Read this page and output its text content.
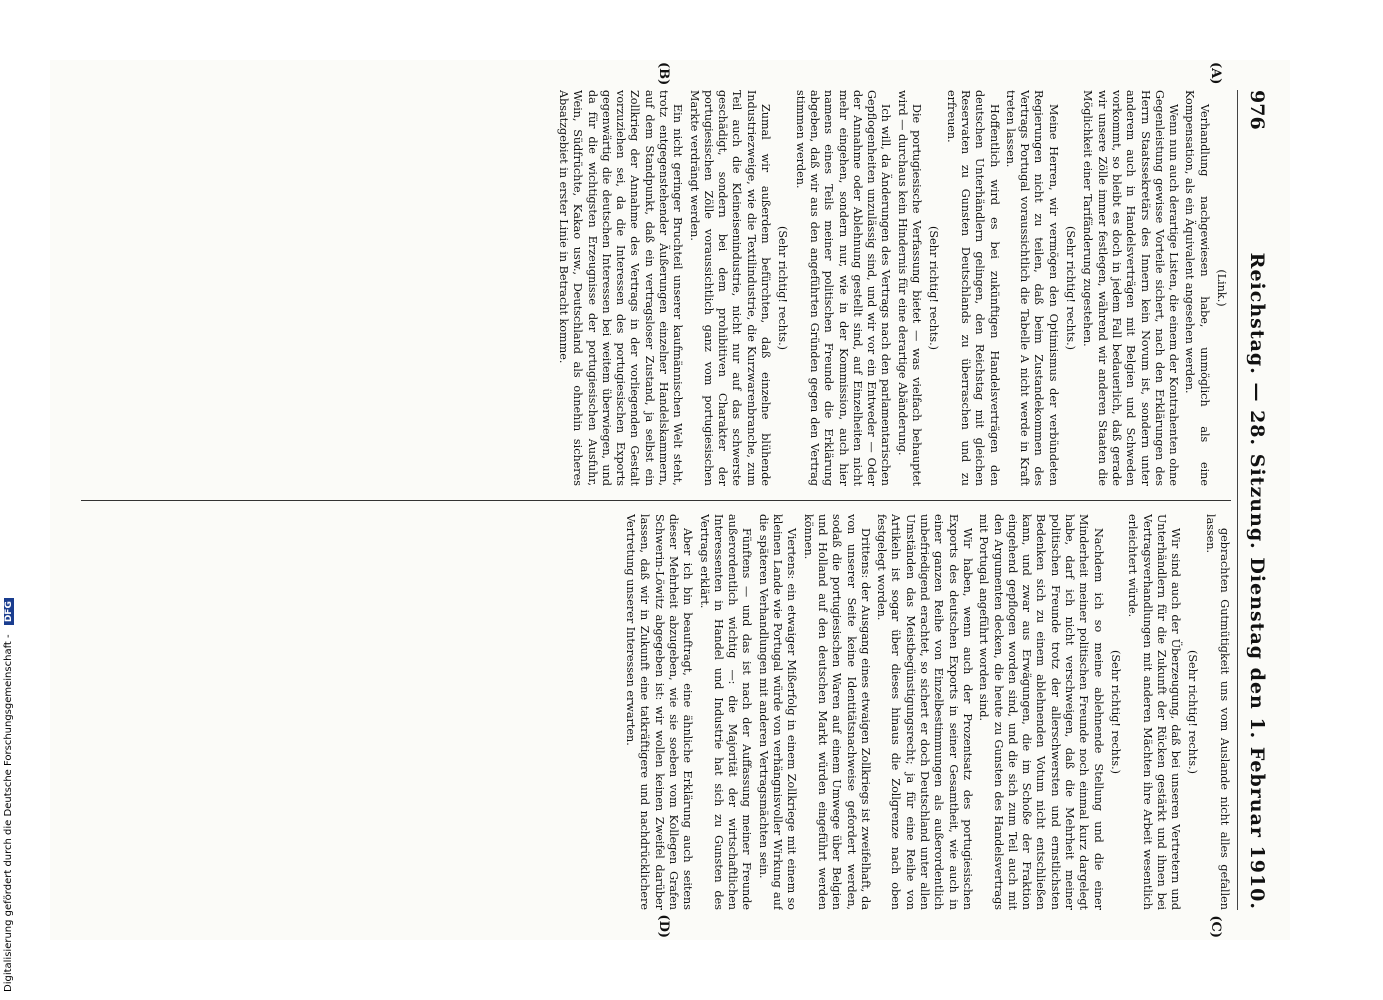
Digitalisierung gefördert durch die Deutsche Forschungsgemeinschaft - DFG
976
Reichstag. — 28. Sitzung. Dienstag den 1. Februar 1910.
(A)
(B)
(C)
(D)

(Link.)

Verhandlung nachgewiesen habe, unmöglich als eine Kompensation, als ein Äquivalent angesehen werden.

Wenn nun auch derartige Listen, die einem der Kontrahenten ohne Gegenleistung gewisse Vorteile sichert, nach den Erklärungen des Herrn Staatssekretärs des Innern kein Novum ist, sondern unter anderem auch in Handelsverträgen mit Belgien und Schweden vorkommt, so bleibt es doch in jedem Fall bedauerlich, daß gerade wir unsere Zölle immer festlegen, während wir anderen Staaten die Möglichkeit einer Tarifänderung zugestehen.

(Sehr richtig! rechts.)

Meine Herren, wir vermögen den Optimismus der verbündeten Regierungen nicht zu teilen, daß beim Zustandekommen des Vertrags Portugal voraussichtlich die Tabelle A nicht werde in Kraft treten lassen.

Hoffentlich wird es bei zukünftigen Handelsverträgen den deutschen Unterhändlern gelingen, den Reichstag mit gleichen Reservaten zu Gunsten Deutschlands zu überraschen und zu erfreuen.

(Sehr richtig! rechts.)

Die portugiesische Verfassung bietet — was vielfach behauptet wird — durchaus kein Hindernis für eine derartige Abänderung.

Ich will, da Änderungen des Vertrags nach den parlamentarischen Gepflogenheiten unzulässig sind, und wir vor ein Entweder — Oder der Annahme oder Ablehnung gestellt sind, auf Einzelheiten nicht mehr eingehen, sondern nur, wie in der Kommission, auch hier namens eines Teils meiner politischen Freunde die Erklärung abgeben, daß wir aus den angeführten Gründen gegen den Vertrag stimmen werden.

(Sehr richtig! rechts.)

Zumal wir außerdem befürchten, daß einzelne blühende Industriezweige, wie die Textilindustrie, die Kurzwarenbranche, zum Teil auch die Kleineisenindustrie, nicht nur auf das schwerste geschädigt, sondern bei dem prohibitiven Charakter der portugiesischen Zölle voraussichtlich ganz vom portugiesischen Markte verdrängt werden.

Ein nicht geringer Bruchteil unserer kaufmännischen Welt steht, trotz entgegenstehender Äußerungen einzelner Handelskammern, auf dem Standpunkt, daß ein vertragsloser Zustand, ja selbst ein Zollkrieg der Annahme des Vertrags in der vorliegenden Gestalt vorzuziehen sei, da die Interessen des portugiesischen Exports gegenwärtig die deutschen Interessen bei weitem überwiegen, und da für die wichtigsten Erzeugnisse der portugiesischen Ausfuhr, Wein, Südfrüchte, Kakao usw., Deutschland als ohnehin sicheres Absatzgebiet in erster Linie in Betracht komme.

gebrachten Gutmütigkeit uns vom Auslande nicht alles gefallen lassen.

(Sehr richtig! rechts.)

Wir sind auch der Überzeugung, daß bei unseren Vertretern und Unterhändlern für die Zukunft der Rücken gestärkt und ihnen bei Vertragsverhandlungen mit anderen Mächten ihre Arbeit wesentlich erleichtert würde.

(Sehr richtig! rechts.)

Nachdem ich so meine ablehnende Stellung und die einer Minderheit meiner politischen Freunde noch einmal kurz dargelegt habe, darf ich nicht verschweigen, daß die Mehrheit meiner politischen Freunde trotz der allerschwersten und ernstlichsten Bedenken sich zu einem ablehnenden Votum nicht entschließen kann, und zwar aus Erwägungen, die im Schoße der Fraktion eingehend gepflogen worden sind, und die sich zum Teil auch mit den Argumenten decken, die heute zu Gunsten des Handelsvertrags mit Portugal angeführt worden sind.

Wir haben, wenn auch der Prozentsatz des portugiesischen Exports des deutschen Exports in seiner Gesamtheit, wie auch in einer ganzen Reihe von Einzelbestimmungen als außerordentlich unbefriedigend erachtet, so sichert er doch Deutschland unter allen Umständen das Meistbegünstigungsrecht; ja für eine Reihe von Artikeln ist sogar über dieses hinaus die Zollgrenze nach oben festgelegt worden.

Drittens: der Ausgang eines etwaigen Zollkriegs ist zweifelhaft, da von unserer Seite keine Identitätsnachweise gefordert werden, sodaß die portugiesischen Waren auf einem Umwege über Belgien und Holland auf den deutschen Markt würden eingeführt werden können.

Viertens: ein etwaiger Mißerfolg in einem Zollkriege mit einem so kleinen Lande wie Portugal würde von verhängnisvoller Wirkung auf die späteren Verhandlungen mit anderen Vertragsmächten sein.

Fünftens — und das ist nach der Auffassung meiner Freunde außerordentlich wichtig —: die Majorität der wirtschaftlichen Interessenten in Handel und Industrie hat sich zu Gunsten des Vertrags erklärt.

Aber ich bin beauftragt, eine ähnliche Erklärung auch seitens dieser Mehrheit abzugeben, wie sie soeben vom Kollegen Grafen Schwerin-Löwitz abgegeben ist: wir wollen keinen Zweifel darüber lassen, daß wir in Zukunft eine tatkräftigere und nachdrücklichere Vertretung unserer Interessen erwarten.
